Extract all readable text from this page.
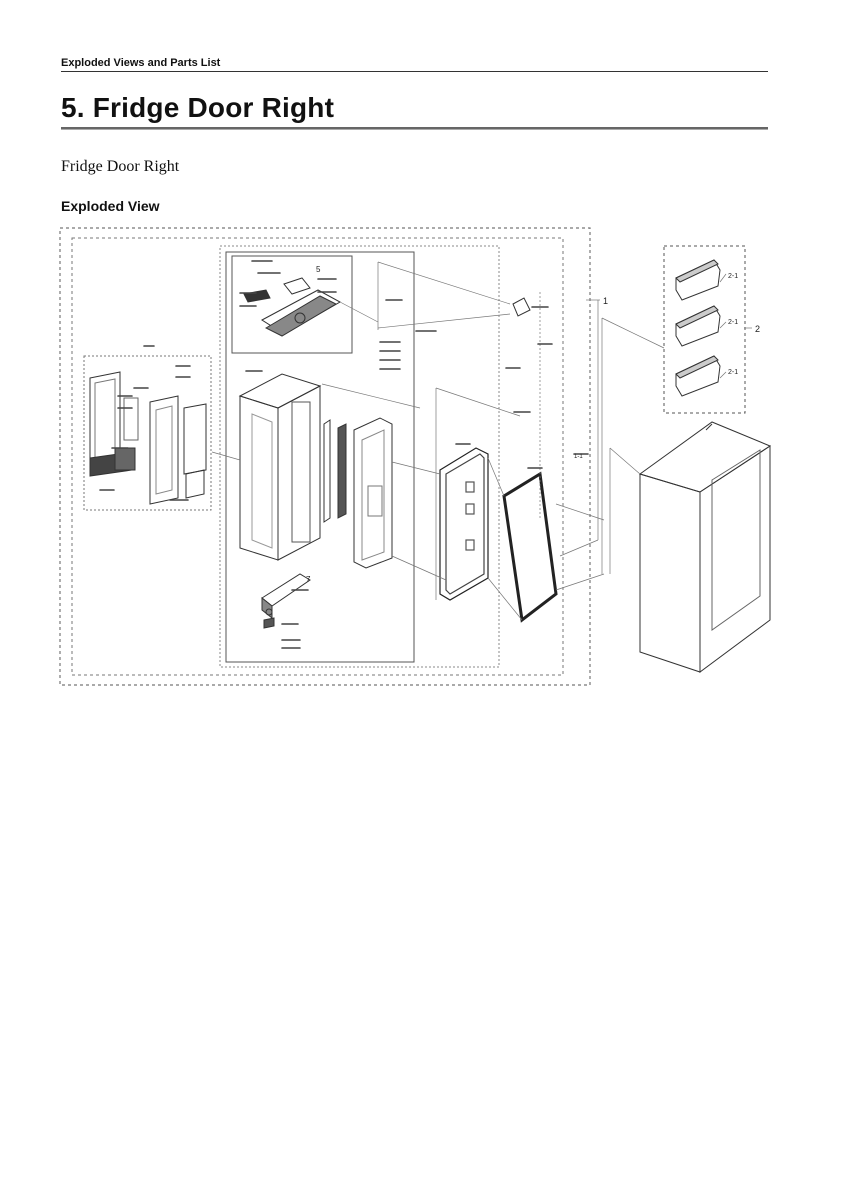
Exploded Views and Parts List
5. Fridge Door Right
Fridge Door Right
Exploded View
1
2
2-1
2-1
2-1
1-1
5
7
